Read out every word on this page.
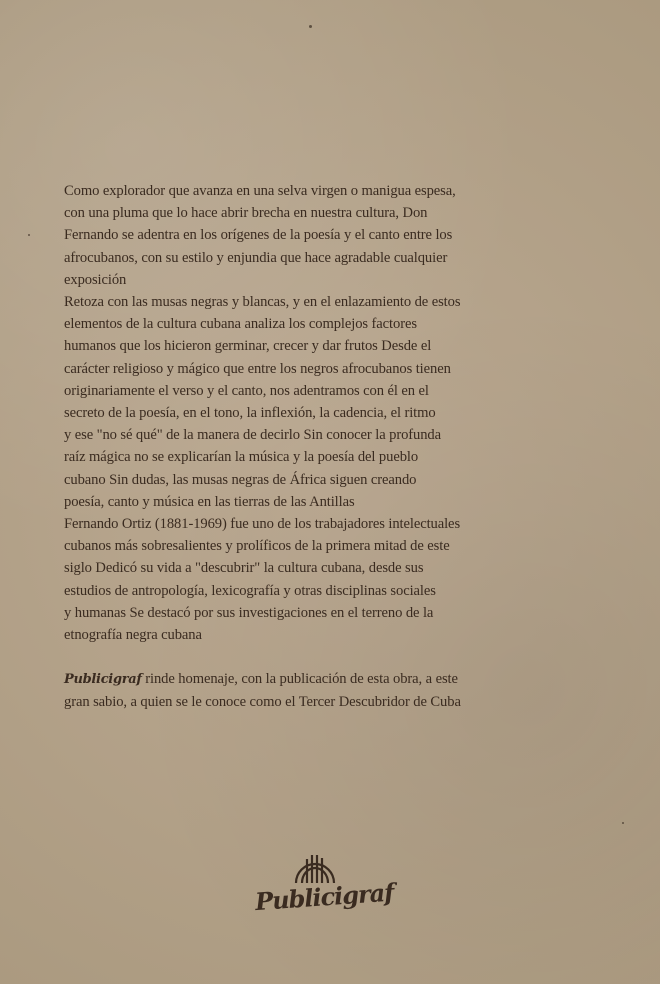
Como explorador que avanza en una selva virgen o manigua espesa,
con una pluma que lo hace abrir brecha en nuestra cultura, Don
Fernando se adentra en los orígenes de la poesía y el canto entre los
afrocubanos, con su estilo y enjundia que hace agradable cualquier
exposición

Retoza con las musas negras y blancas, y en el enlazamiento de estos
elementos de la cultura cubana analiza los complejos factores
humanos que los hicieron germinar, crecer y dar frutos Desde el
carácter religioso y mágico que entre los negros afrocubanos tienen
originariamente el verso y el canto, nos adentramos con él en el
secreto de la poesía, en el tono, la inflexión, la cadencia, el ritmo
y ese "no sé qué" de la manera de decirlo Sin conocer la profunda
raíz mágica no se explicarían la música y la poesía del pueblo
cubano Sin dudas, las musas negras de África siguen creando
poesía, canto y música en las tierras de las Antillas

Fernando Ortiz (1881-1969) fue uno de los trabajadores intelectuales
cubanos más sobresalientes y prolíficos de la primera mitad de este
siglo Dedicó su vida a "descubrir" la cultura cubana, desde sus
estudios de antropología, lexicografía y otras disciplinas sociales
y humanas Se destacó por sus investigaciones en el terreno de la
etnografía negra cubana

Publicigraf rinde homenaje, con la publicación de esta obra, a este
gran sabio, a quien se le conoce como el Tercer Descubridor de Cuba

Publicigraf
